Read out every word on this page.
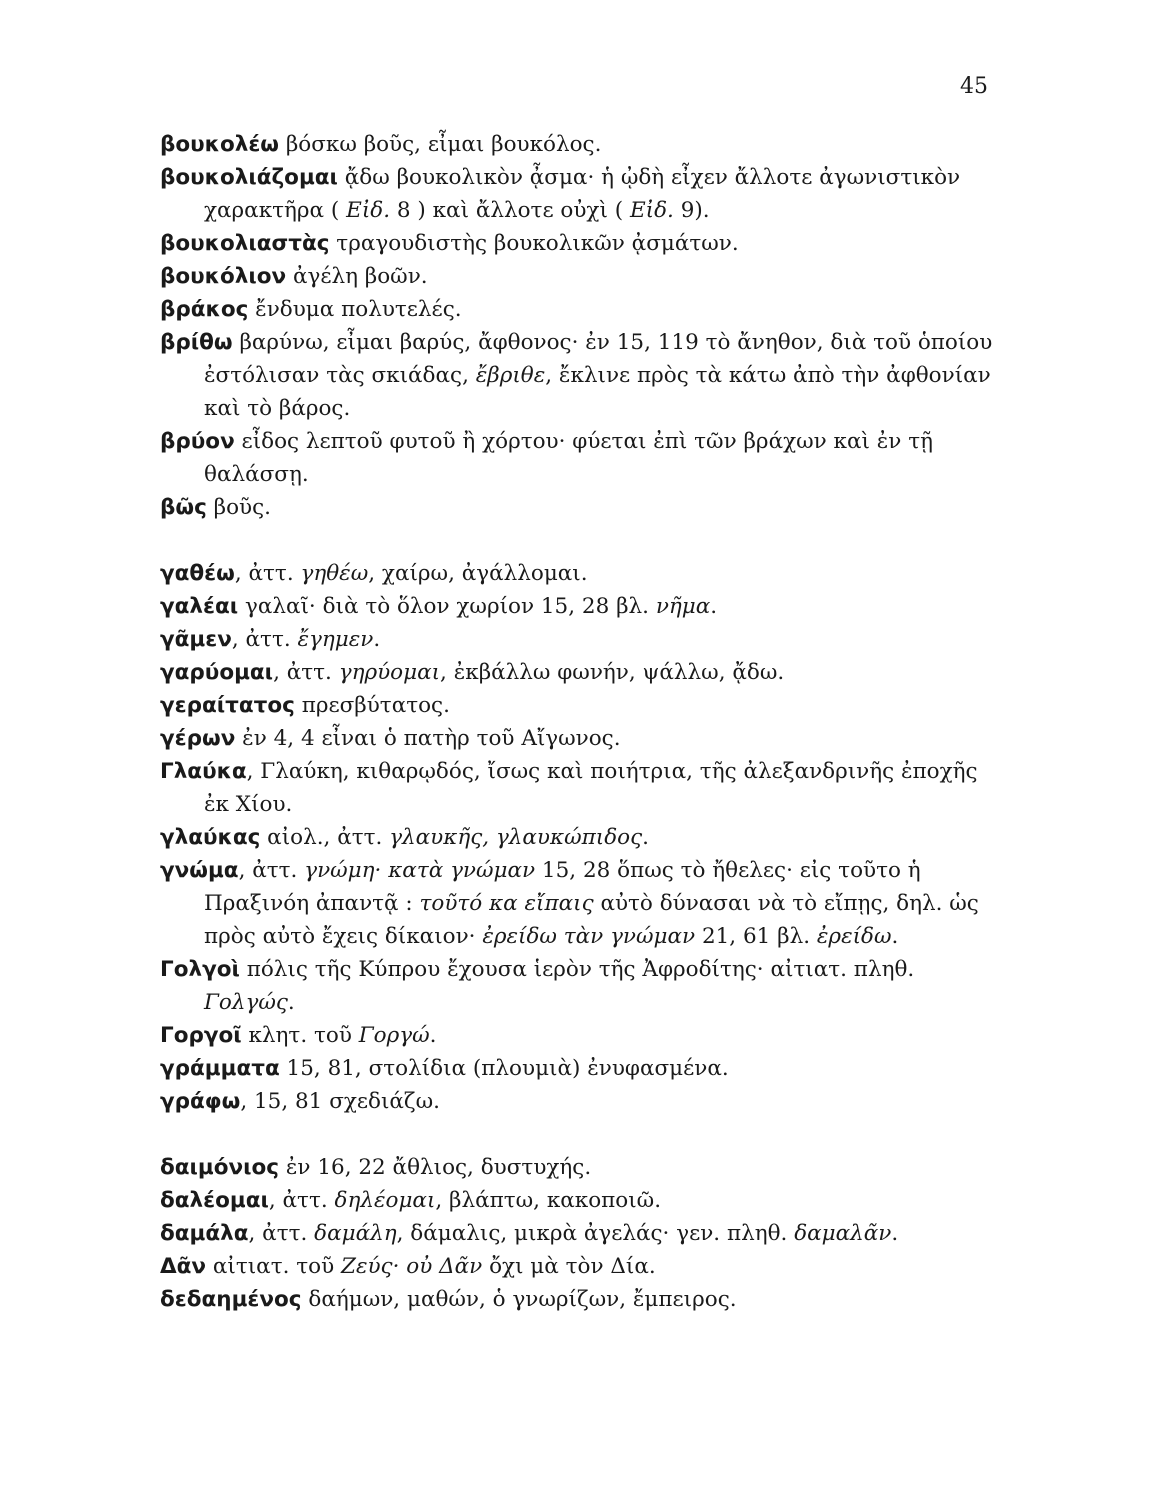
45

βουκολέω βόσκω βοῦς, εἶμαι βουκόλος.

βουκολιάζομαι ᾄδω βουκολικὸν ᾆσμα· ἡ ᾠδὴ εἶχεν ἄλλοτε ἀγωνιστικὸν χαρακτῆρα ( Εἰδ. 8 ) καὶ ἄλλοτε οὐχὶ ( Εἰδ. 9).

βουκολιαστὰς τραγουδιστὴς βουκολικῶν ᾀσμάτων.

βουκόλιον ἀγέλη βοῶν.

βράκος ἔνδυμα πολυτελές.

βρίθω βαρύνω, εἶμαι βαρύς, ἄφθονος· ἐν 15, 119 τὸ ἄνηθον, διὰ τοῦ ὁποίου ἐστόλισαν τὰς σκιάδας, ἔβριθε, ἔκλινε πρὸς τὰ κάτω ἀπὸ τὴν ἀφθονίαν καὶ τὸ βάρος.

βρύον εἶδος λεπτοῦ φυτοῦ ἢ χόρτου· φύεται ἐπὶ τῶν βράχων καὶ ἐν τῇ θαλάσσῃ.

βῶς βοῦς.

γαθέω, ἀττ. γηθέω, χαίρω, ἀγάλλομαι.

γαλέαι γαλαῖ· διὰ τὸ ὅλον χωρίον 15, 28 βλ. νῆμα.

γᾶμεν, ἀττ. ἔγημεν.

γαρύομαι, ἀττ. γηρύομαι, ἐκβάλλω φωνήν, ψάλλω, ᾄδω.

γεραίτατος πρεσβύτατος.

γέρων ἐν 4, 4 εἶναι ὁ πατὴρ τοῦ Αἴγωνος.

Γλαύκα, Γλαύκη, κιθαρῳδός, ἴσως καὶ ποιήτρια, τῆς ἀλεξανδρινῆς ἐποχῆς ἐκ Χίου.

γλαύκας αἰολ., ἀττ. γλαυκῆς, γλαυκώπιδος.

γνώμα, ἀττ. γνώμη· κατὰ γνώμαν 15, 28 ὅπως τὸ ἤθελες· εἰς τοῦτο ἡ Πραξινόη ἀπαντᾷ : τοῦτό κα εἴπαις αὐτὸ δύνασαι νὰ τὸ εἴπῃς, δηλ. ὡς πρὸς αὐτὸ ἔχεις δίκαιον· ἐρείδω τὰν γνώμαν 21, 61 βλ. ἐρείδω.

Γολγοὶ πόλις τῆς Κύπρου ἔχουσα ἱερὸν τῆς Ἀφροδίτης· αἰτιατ. πληθ. Γολγώς.

Γοργοῖ κλητ. τοῦ Γοργώ.

γράμματα 15, 81, στολίδια (πλουμιὰ) ἐνυφασμένα.

γράφω, 15, 81 σχεδιάζω.

δαιμόνιος ἐν 16, 22 ἄθλιος, δυστυχής.

δαλέομαι, ἀττ. δηλέομαι, βλάπτω, κακοποιῶ.

δαμάλα, ἀττ. δαμάλη, δάμαλις, μικρὰ ἀγελάς· γεν. πληθ. δαμαλᾶν.

Δᾶν αἰτιατ. τοῦ Ζεύς· οὐ Δᾶν ὄχι μὰ τὸν Δία.

δεδαημένος δαήμων, μαθών, ὁ γνωρίζων, ἔμπειρος.
